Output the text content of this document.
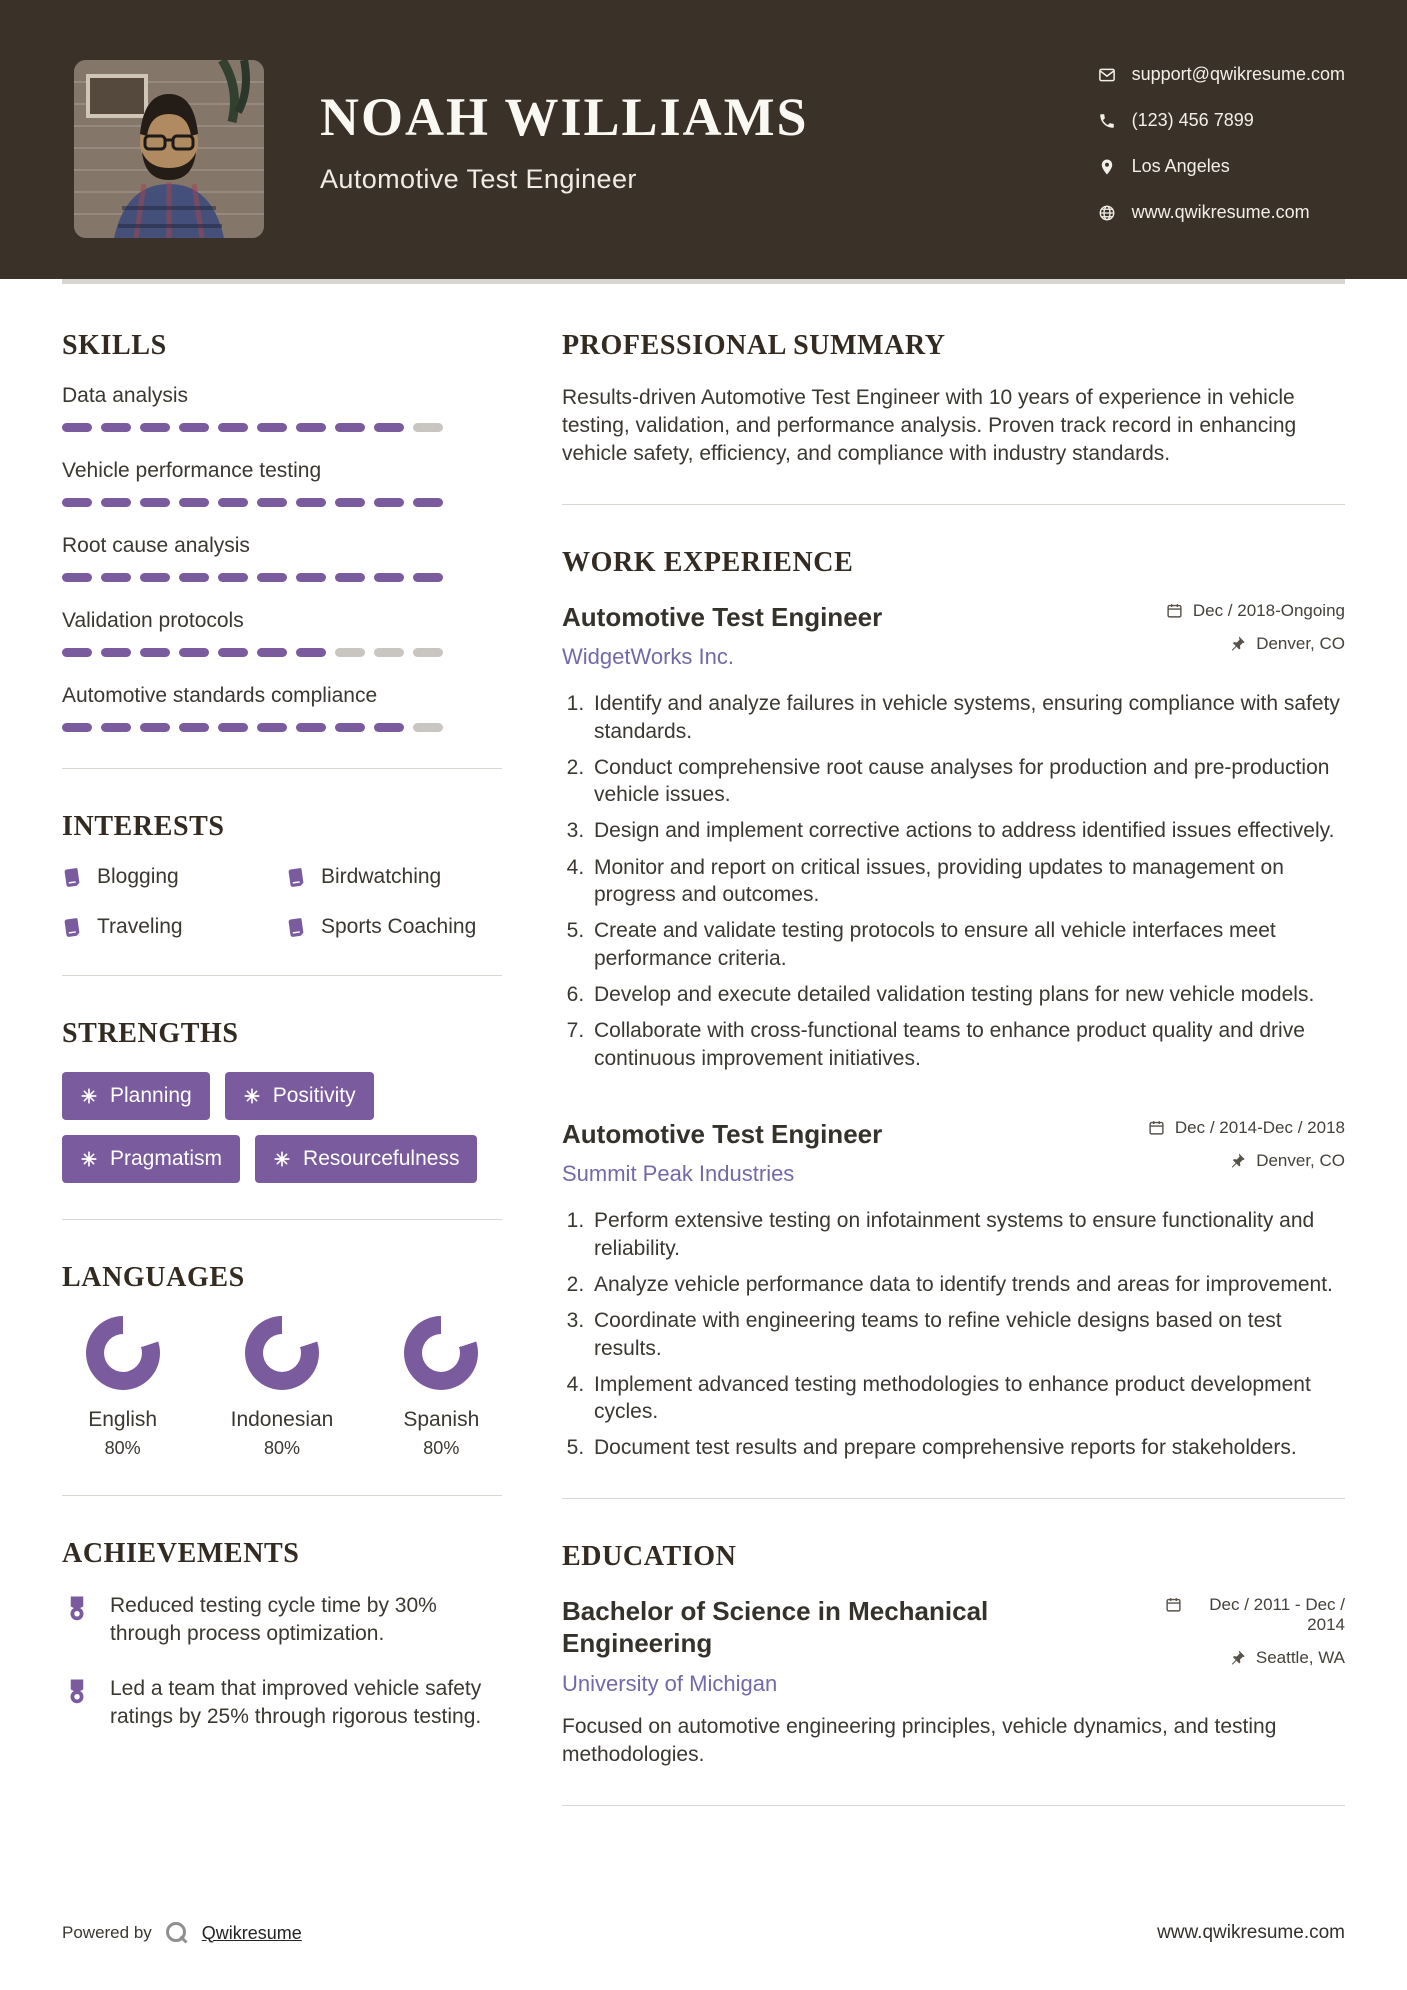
NOAH WILLIAMS
Automotive Test Engineer
support@qwikresume.com
(123) 456 7899
Los Angeles
www.qwikresume.com
SKILLS
Data analysis
Vehicle performance testing
Root cause analysis
Validation protocols
Automotive standards compliance
INTERESTS
Blogging	Birdwatching
Traveling	Sports Coaching
STRENGTHS
Planning	Positivity
Pragmatism	Resourcefulness
LANGUAGES
English
80%
Indonesian
80%
Spanish
80%
ACHIEVEMENTS
Reduced testing cycle time by 30% through process optimization.
Led a team that improved vehicle safety ratings by 25% through rigorous testing.
PROFESSIONAL SUMMARY

Results-driven Automotive Test Engineer with 10 years of experience in vehicle testing, validation, and performance analysis. Proven track record in enhancing vehicle safety, efficiency, and compliance with industry standards.

WORK EXPERIENCE
Automotive Test Engineer
WidgetWorks Inc.
Dec / 2018-Ongoing
Denver, CO
1. Identify and analyze failures in vehicle systems, ensuring compliance with safety standards.
2. Conduct comprehensive root cause analyses for production and pre-production vehicle issues.
3. Design and implement corrective actions to address identified issues effectively.
4. Monitor and report on critical issues, providing updates to management on progress and outcomes.
5. Create and validate testing protocols to ensure all vehicle interfaces meet performance criteria.
6. Develop and execute detailed validation testing plans for new vehicle models.
7. Collaborate with cross-functional teams to enhance product quality and drive continuous improvement initiatives.
Automotive Test Engineer
Summit Peak Industries
Dec / 2014-Dec / 2018
Denver, CO
1. Perform extensive testing on infotainment systems to ensure functionality and reliability.
2. Analyze vehicle performance data to identify trends and areas for improvement.
3. Coordinate with engineering teams to refine vehicle designs based on test results.
4. Implement advanced testing methodologies to enhance product development cycles.
5. Document test results and prepare comprehensive reports for stakeholders.
EDUCATION
Bachelor of Science in Mechanical Engineering
University of Michigan
Dec / 2011 - Dec / 2014
Seattle, WA

Focused on automotive engineering principles, vehicle dynamics, and testing methodologies.

Powered by	Qwikresume	www.qwikresume.com
